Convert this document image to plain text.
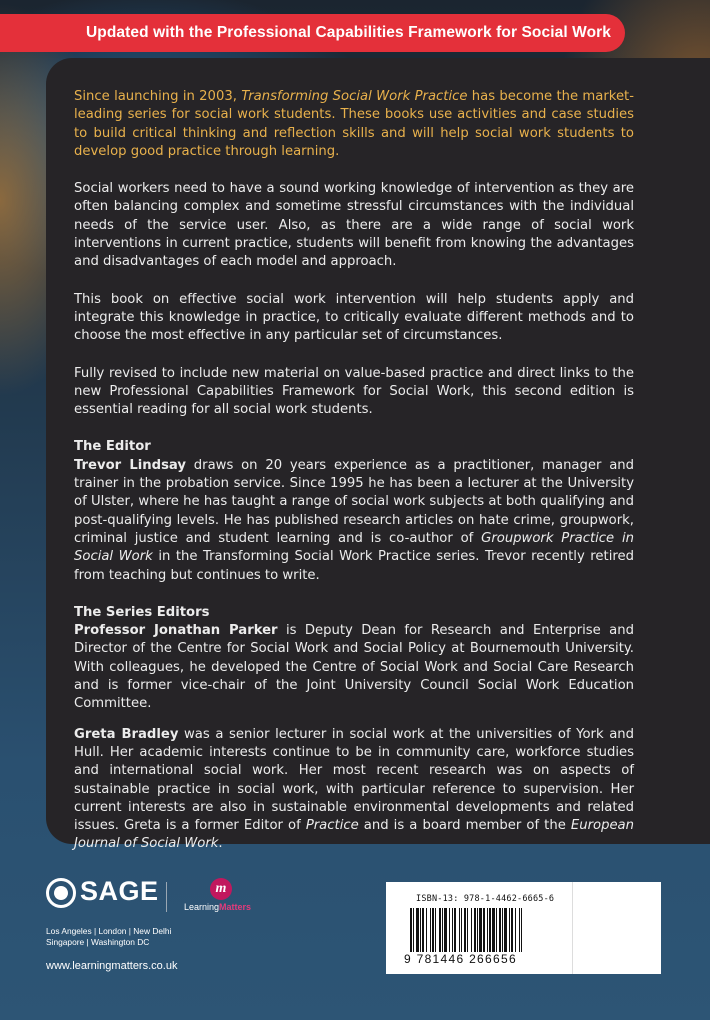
Updated with the Professional Capabilities Framework for Social Work

Since launching in 2003, Transforming Social Work Practice has become the market-leading series for social work students. These books use activities and case studies to build critical thinking and reflection skills and will help social work students to develop good practice through learning.

Social workers need to have a sound working knowledge of intervention as they are often balancing complex and sometime stressful circumstances with the individual needs of the service user. Also, as there are a wide range of social work interventions in current practice, students will benefit from knowing the advantages and disadvantages of each model and approach.

This book on effective social work intervention will help students apply and integrate this knowledge in practice, to critically evaluate different methods and to choose the most effective in any particular set of circumstances.

Fully revised to include new material on value-based practice and direct links to the new Professional Capabilities Framework for Social Work, this second edition is essential reading for all social work students.

The Editor

Trevor Lindsay draws on 20 years experience as a practitioner, manager and trainer in the probation service. Since 1995 he has been a lecturer at the University of Ulster, where he has taught a range of social work subjects at both qualifying and post-qualifying levels. He has published research articles on hate crime, groupwork, criminal justice and student learning and is co-author of Groupwork Practice in Social Work in the Transforming Social Work Practice series. Trevor recently retired from teaching but continues to write.

The Series Editors

Professor Jonathan Parker is Deputy Dean for Research and Enterprise and Director of the Centre for Social Work and Social Policy at Bournemouth University. With colleagues, he developed the Centre of Social Work and Social Care Research and is former vice-chair of the Joint University Council Social Work Education Committee.

Greta Bradley was a senior lecturer in social work at the universities of York and Hull. Her academic interests continue to be in community care, workforce studies and international social work. Her most recent research was on aspects of sustainable practice in social work, with particular reference to supervision. Her current interests are also in sustainable environmental developments and related issues. Greta is a former Editor of Practice and is a board member of the European Journal of Social Work.

SAGE	m
LearningMatters
Los Angeles | London | New Delhi
Singapore | Washington DC
www.learningmatters.co.uk
ISBN-13: 978-1-4462-6665-6
9 781446 266656
